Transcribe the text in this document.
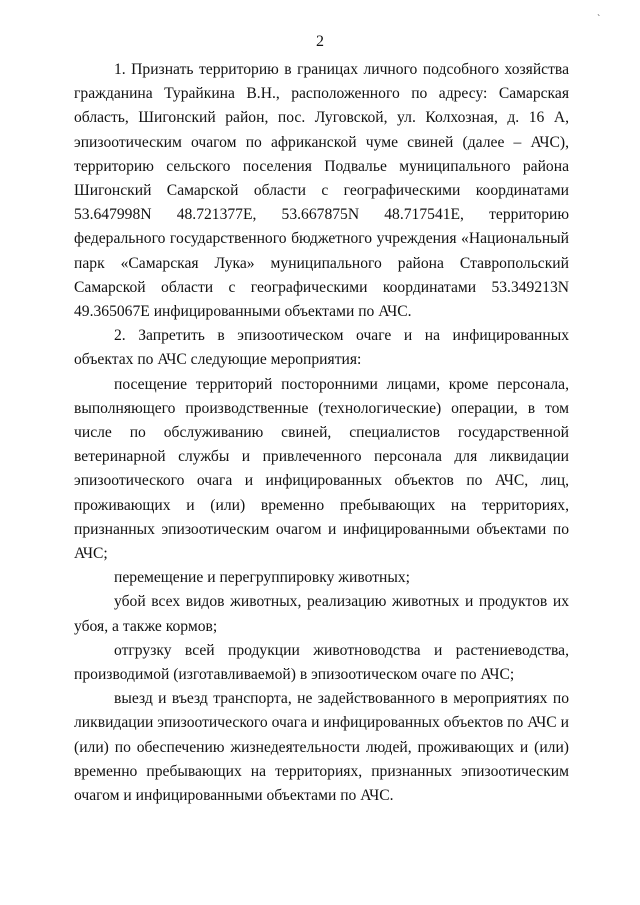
ˋ
2

1. Признать территорию в границах личного подсобного хозяйства гражданина Турайкина В.Н., расположенного по адресу: Самарская область, Шигонский район, пос. Луговской, ул. Колхозная, д. 16 А, эпизоотическим очагом по африканской чуме свиней (далее – АЧС), территорию сельского поселения Подвалье муниципального района Шигонский Самарской области с географическими координатами 53.647998N 48.721377E, 53.667875N 48.717541E, территорию федерального государственного бюджетного учреждения «Национальный парк «Самарская Лука» муниципального района Ставропольский Самарской области с географическими координатами 53.349213N 49.365067E инфицированными объектами по АЧС.

2. Запретить в эпизоотическом очаге и на инфицированных объектах по АЧС следующие мероприятия:

посещение территорий посторонними лицами, кроме персонала, выполняющего производственные (технологические) операции, в том числе по обслуживанию свиней, специалистов государственной ветеринарной службы и привлеченного персонала для ликвидации эпизоотического очага и инфицированных объектов по АЧС, лиц, проживающих и (или) временно пребывающих на территориях, признанных эпизоотическим очагом и инфицированными объектами по АЧС;

перемещение и перегруппировку животных;

убой всех видов животных, реализацию животных и продуктов их убоя, а также кормов;

отгрузку всей продукции животноводства и растениеводства, производимой (изготавливаемой) в эпизоотическом очаге по АЧС;

выезд и въезд транспорта, не задействованного в мероприятиях по ликвидации эпизоотического очага и инфицированных объектов по АЧС и (или) по обеспечению жизнедеятельности людей, проживающих и (или) временно пребывающих на территориях, признанных эпизоотическим очагом и инфицированными объектами по АЧС.
